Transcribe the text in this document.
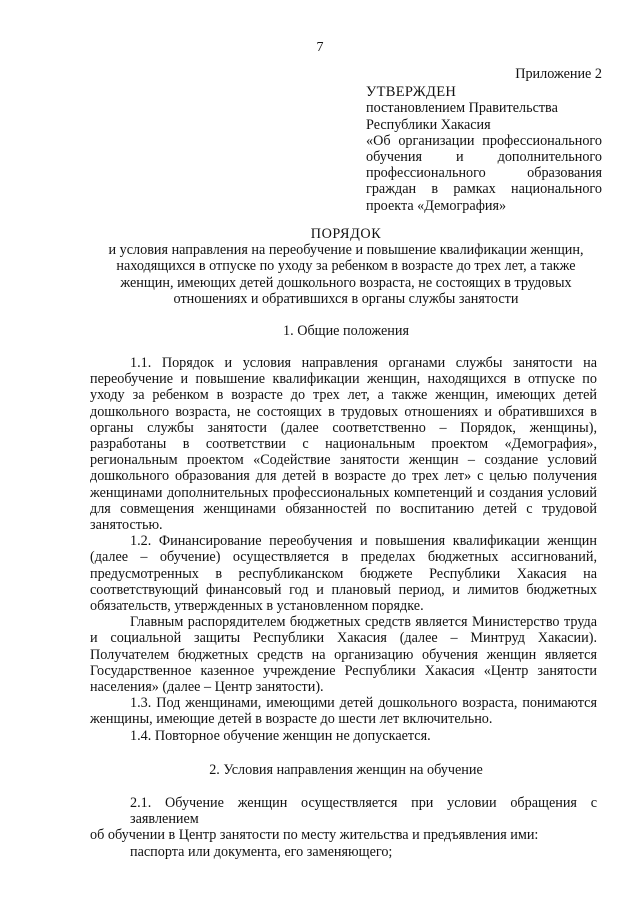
7
Приложение 2
УТВЕРЖДЕН
постановлением Правительства
Республики Хакасия
«Об организации профессионального
обучения и дополнительного
профессионального образования
граждан в рамках национального
проекта «Демография»
ПОРЯДОК
и условия направления на переобучение и повышение квалификации женщин,
находящихся в отпуске по уходу за ребенком в возрасте до трех лет, а также
женщин, имеющих детей дошкольного возраста, не состоящих в трудовых
отношениях и обратившихся в органы службы занятости
1. Общие положения
1.1. Порядок и условия направления органами службы занятости на
переобучение и повышение квалификации женщин, находящихся в отпуске по
уходу за ребенком в возрасте до трех лет, а также женщин, имеющих детей
дошкольного возраста, не состоящих в трудовых отношениях и обратившихся в
органы службы занятости (далее соответственно – Порядок, женщины),
разработаны в соответствии с национальным проектом «Демография»,
региональным проектом «Содействие занятости женщин – создание условий
дошкольного образования для детей в возрасте до трех лет» с целью получения
женщинами дополнительных профессиональных компетенций и создания условий
для совмещения женщинами обязанностей по воспитанию детей с трудовой
занятостью.
1.2. Финансирование переобучения и повышения квалификации женщин
(далее – обучение) осуществляется в пределах бюджетных ассигнований,
предусмотренных в республиканском бюджете Республики Хакасия на
соответствующий финансовый год и плановый период, и лимитов бюджетных
обязательств, утвержденных в установленном порядке.
Главным распорядителем бюджетных средств является Министерство труда
и социальной защиты Республики Хакасия (далее – Минтруд Хакасии).
Получателем бюджетных средств на организацию обучения женщин является
Государственное казенное учреждение Республики Хакасия «Центр занятости
населения» (далее – Центр занятости).
1.3. Под женщинами, имеющими детей дошкольного возраста, понимаются
женщины, имеющие детей в возрасте до шести лет включительно.
1.4. Повторное обучение женщин не допускается.
2. Условия направления женщин на обучение
2.1. Обучение женщин осуществляется при условии обращения с заявлением
об обучении в Центр занятости по месту жительства и предъявления ими:
паспорта или документа, его заменяющего;
